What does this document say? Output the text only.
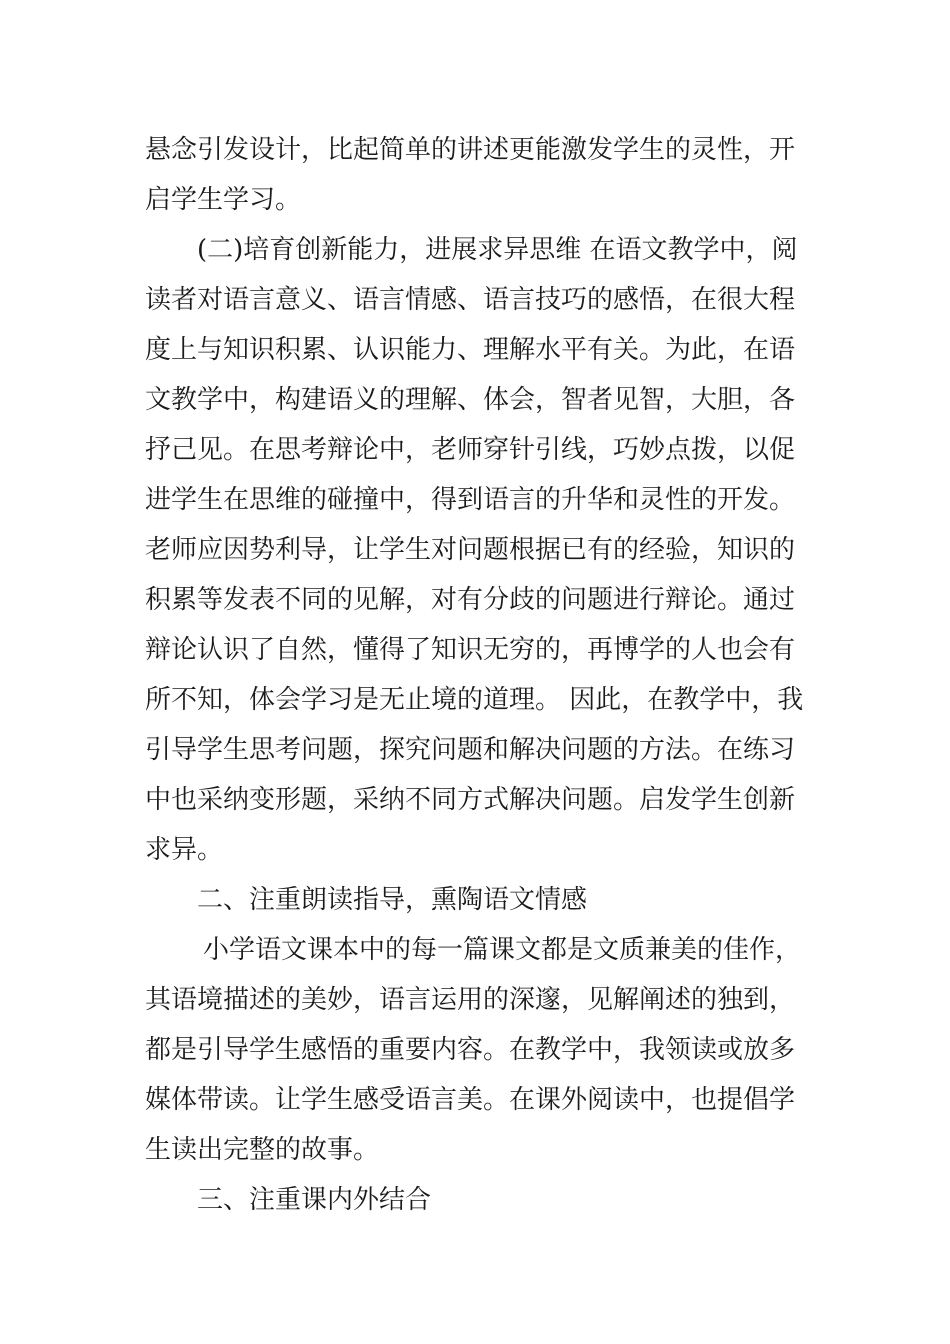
悬念引发设计，比起简单的讲述更能激发学生的灵性，开
启学生学习。
(二)培育创新能力，进展求异思维 在语文教学中，阅
读者对语言意义、语言情感、语言技巧的感悟，在很大程
度上与知识积累、认识能力、理解水平有关。为此，在语
文教学中，构建语义的理解、体会，智者见智，大胆，各
抒己见。在思考辩论中，老师穿针引线，巧妙点拨，以促
进学生在思维的碰撞中，得到语言的升华和灵性的开发。
老师应因势利导，让学生对问题根据已有的经验，知识的
积累等发表不同的见解，对有分歧的问题进行辩论。通过
辩论认识了自然，懂得了知识无穷的，再博学的人也会有
所不知，体会学习是无止境的道理。 因此，在教学中，我
引导学生思考问题，探究问题和解决问题的方法。在练习
中也采纳变形题，采纳不同方式解决问题。启发学生创新
求异。
二、注重朗读指导，熏陶语文情感
小学语文课本中的每一篇课文都是文质兼美的佳作，
其语境描述的美妙，语言运用的深邃，见解阐述的独到，
都是引导学生感悟的重要内容。在教学中，我领读或放多
媒体带读。让学生感受语言美。在课外阅读中，也提倡学
生读出完整的故事。
三、注重课内外结合
